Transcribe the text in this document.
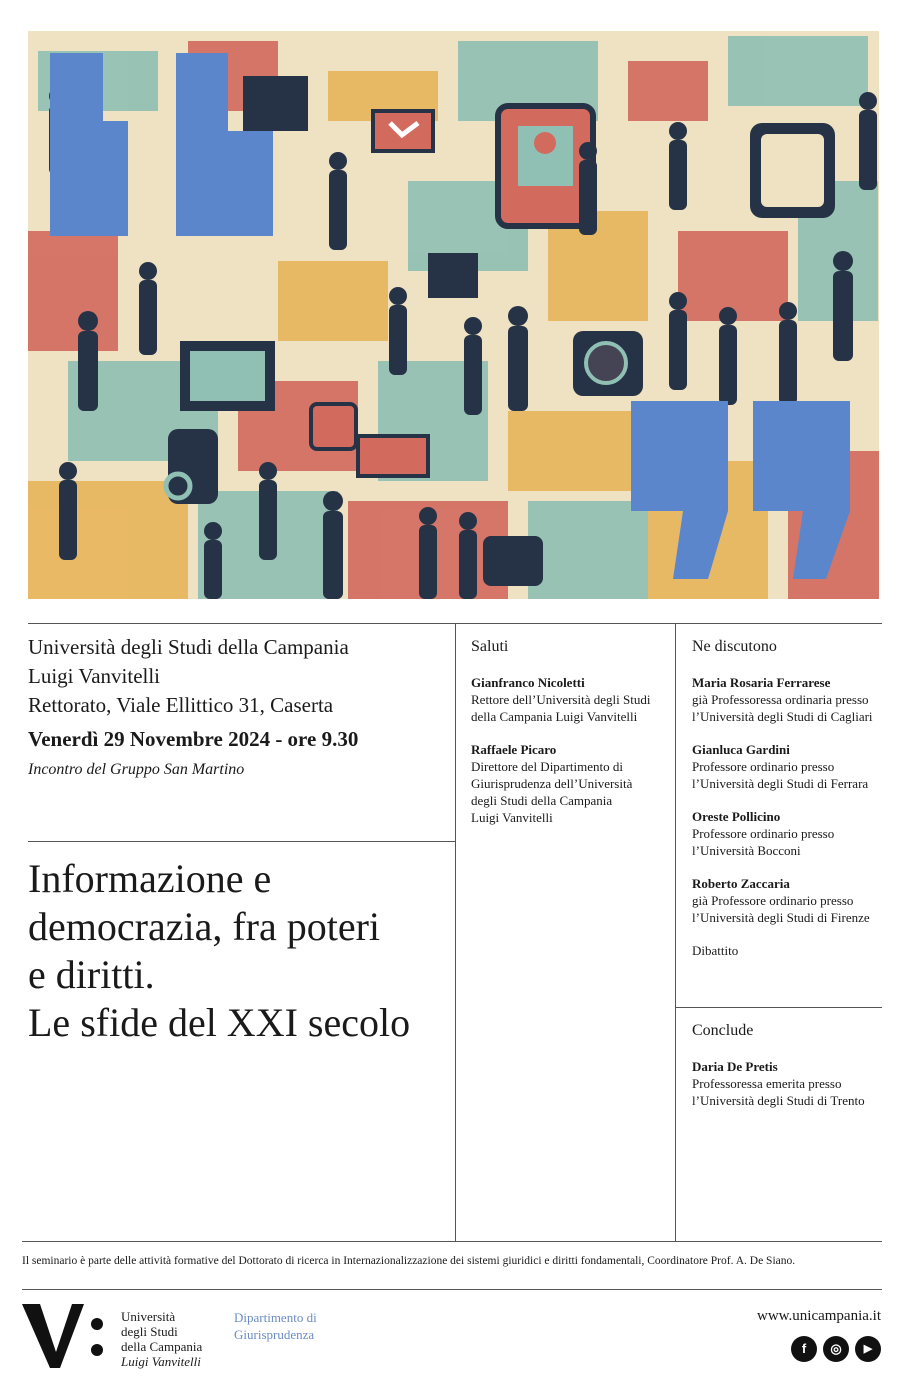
Università degli Studi della Campania
Luigi Vanvitelli
Rettorato, Viale Ellittico 31, Caserta
Venerdì 29 Novembre 2024 - ore 9.30
Incontro del Gruppo San Martino
Informazione e
democrazia, fra poteri
e diritti.
Le sfide del XXI secolo
Saluti
Gianfranco Nicoletti
Rettore dell’Università degli Studi
della Campania Luigi Vanvitelli
Raffaele Picaro
Direttore del Dipartimento di
Giurisprudenza dell’Università
degli Studi della Campania
Luigi Vanvitelli
Ne discutono
Maria Rosaria Ferrarese
già Professoressa ordinaria presso
l’Università degli Studi di Cagliari
Gianluca Gardini
Professore ordinario presso
l’Università degli Studi di Ferrara
Oreste Pollicino
Professore ordinario presso
l’Università Bocconi
Roberto Zaccaria
già Professore ordinario presso
l’Università degli Studi di Firenze
Dibattito
Conclude
Daria De Pretis
Professoressa emerita presso
l’Università degli Studi di Trento
Il seminario è parte delle attività formative del Dottorato di ricerca in Internazionalizzazione dei sistemi giuridici e diritti fondamentali, Coordinatore Prof. A. De Siano.
Università
degli Studi
della Campania
Luigi Vanvitelli
Dipartimento di
Giurisprudenza
www.unicampania.it
f	◎	▶
